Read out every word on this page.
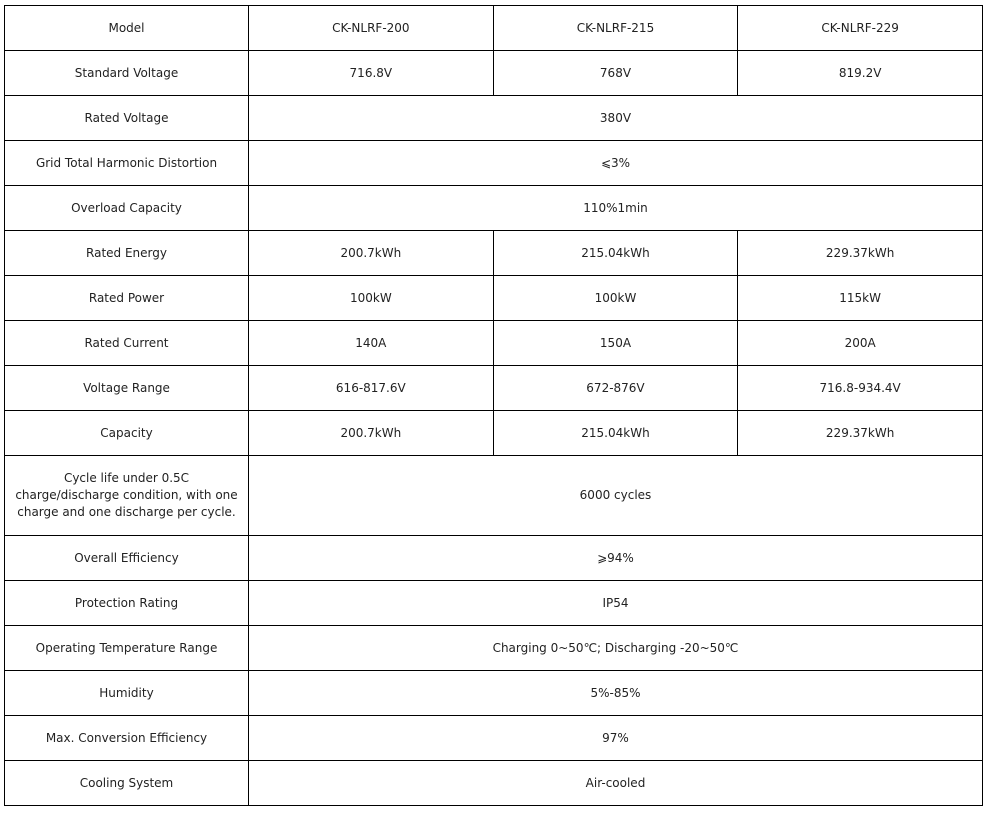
Model	CK-NLRF-200	CK-NLRF-215	CK-NLRF-229
Standard Voltage	716.8V	768V	819.2V
Rated Voltage	380V		
Grid Total Harmonic Distortion	⩽3%		
Overload Capacity	110%1min		
Rated Energy	200.7kWh	215.04kWh	229.37kWh
Rated Power	100kW	100kW	115kW
Rated Current	140A	150A	200A
Voltage Range	616-817.6V	672-876V	716.8-934.4V
Capacity	200.7kWh	215.04kWh	229.37kWh
Cycle life under 0.5C charge/discharge condition, with one charge and one discharge per cycle.	6000 cycles		
Overall Efficiency	⩾94%		
Protection Rating	IP54		
Operating Temperature Range	Charging 0~50℃; Discharging -20~50℃		
Humidity	5%-85%		
Max. Conversion Efficiency	97%		
Cooling System	Air-cooled		
